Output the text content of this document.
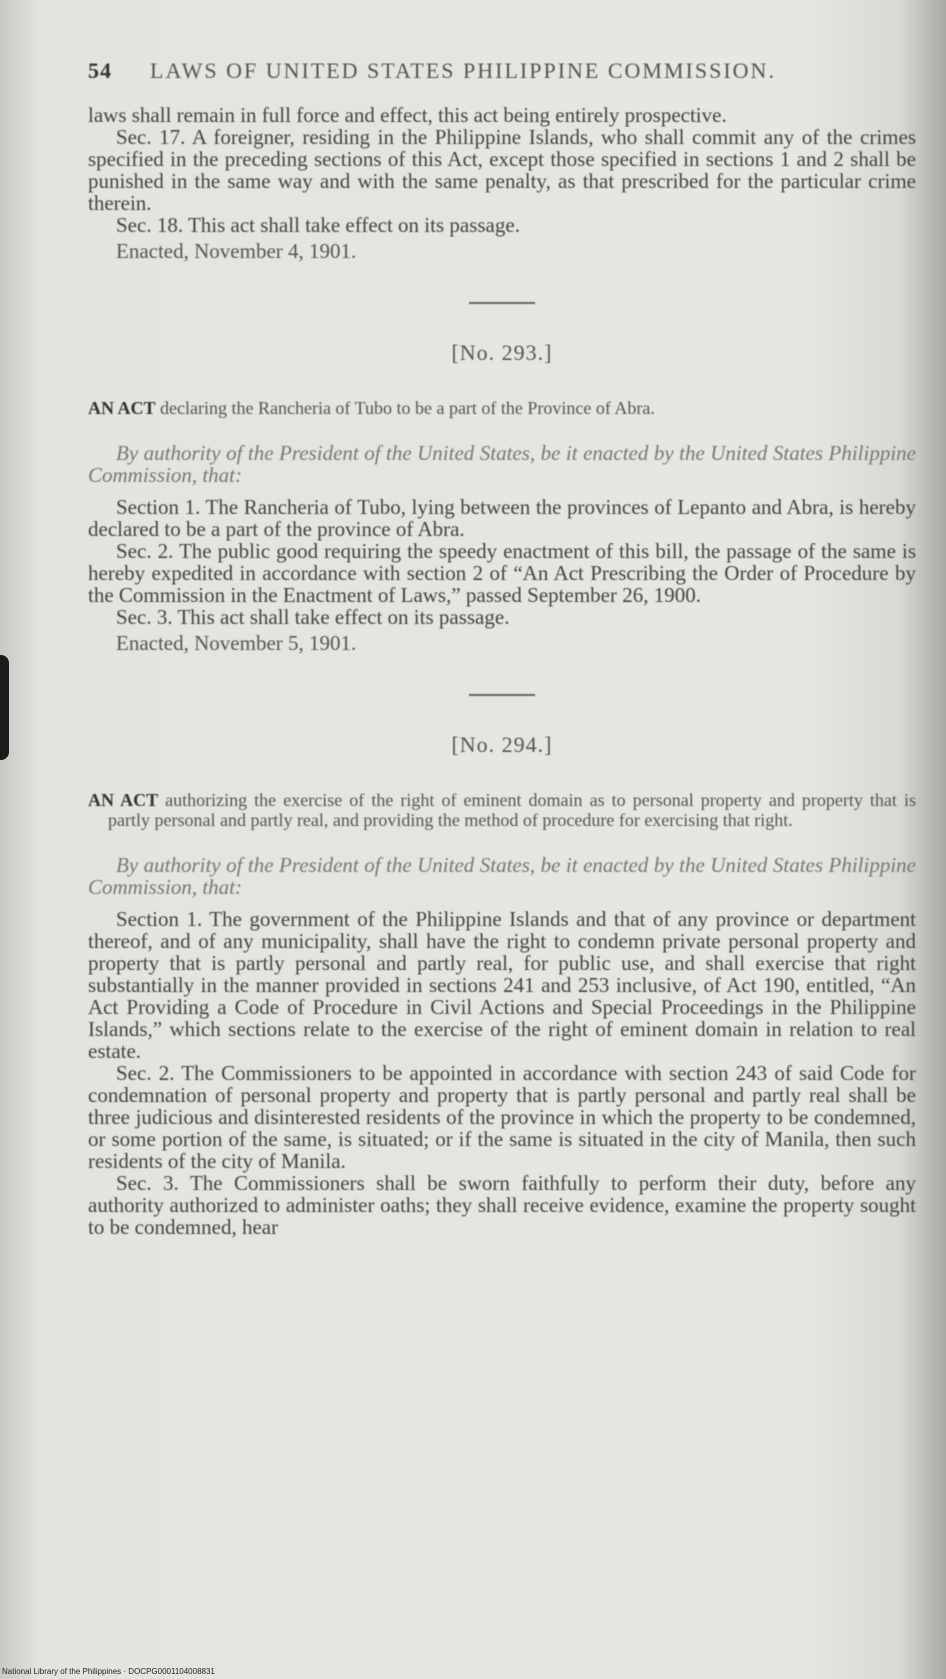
54 LAWS OF UNITED STATES PHILIPPINE COMMISSION.

laws shall remain in full force and effect, this act being entirely prospective.

Sec. 17. A foreigner, residing in the Philippine Islands, who shall commit any of the crimes specified in the preceding sections of this Act, except those specified in sections 1 and 2 shall be punished in the same way and with the same penalty, as that prescribed for the particular crime therein.

Sec. 18. This act shall take effect on its passage.

Enacted, November 4, 1901.

[No. 293.]

AN ACT declaring the Rancheria of Tubo to be a part of the Province of Abra.

By authority of the President of the United States, be it enacted by the United States Philippine Commission, that:

Section 1. The Rancheria of Tubo, lying between the provinces of Lepanto and Abra, is hereby declared to be a part of the province of Abra.

Sec. 2. The public good requiring the speedy enactment of this bill, the passage of the same is hereby expedited in accordance with section 2 of “An Act Prescribing the Order of Procedure by the Commission in the Enactment of Laws,” passed September 26, 1900.

Sec. 3. This act shall take effect on its passage.

Enacted, November 5, 1901.

[No. 294.]

AN ACT authorizing the exercise of the right of eminent domain as to personal property and property that is partly personal and partly real, and providing the method of procedure for exercising that right.

By authority of the President of the United States, be it enacted by the United States Philippine Commission, that:

Section 1. The government of the Philippine Islands and that of any province or department thereof, and of any municipality, shall have the right to condemn private personal property and property that is partly personal and partly real, for public use, and shall exercise that right substantially in the manner provided in sections 241 and 253 inclusive, of Act 190, entitled, “An Act Providing a Code of Procedure in Civil Actions and Special Proceedings in the Philippine Islands,” which sections relate to the exercise of the right of eminent domain in relation to real estate.

Sec. 2. The Commissioners to be appointed in accordance with section 243 of said Code for condemnation of personal property and property that is partly personal and partly real shall be three judicious and disinterested residents of the province in which the property to be condemned, or some portion of the same, is situated; or if the same is situated in the city of Manila, then such residents of the city of Manila.

Sec. 3. The Commissioners shall be sworn faithfully to perform their duty, before any authority authorized to administer oaths; they shall receive evidence, examine the property sought to be condemned, hear

National Library of the Philippines · DOCPG0001104008831
